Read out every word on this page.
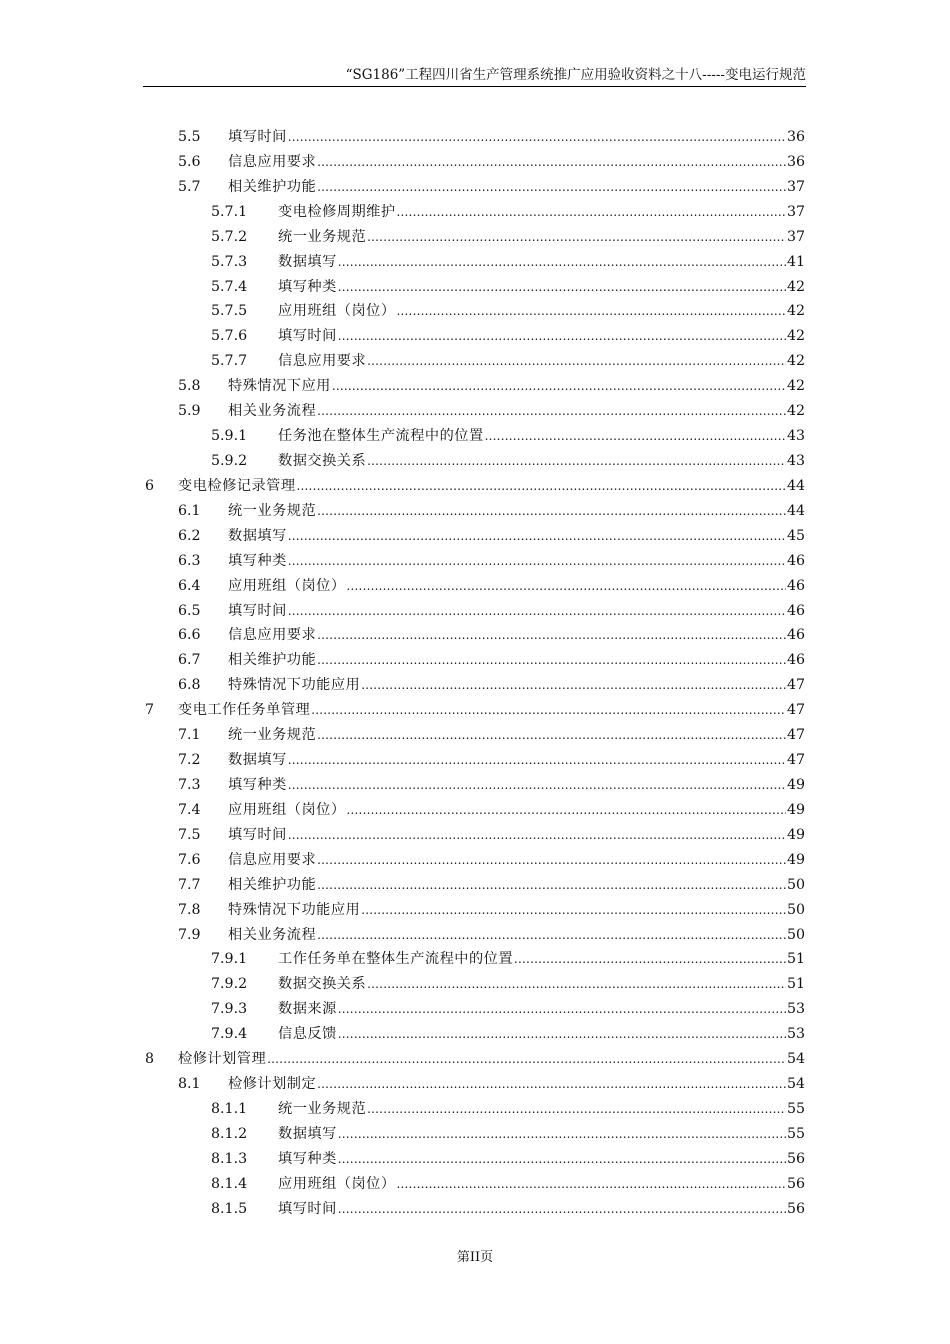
“SG186”工程四川省生产管理系统推广应用验收资料之十八-----变电运行规范
5.5 填写时间 .....	36
5.6 信息应用要求 .....	36
5.7 相关维护功能 .....	37
5.7.1 变电检修周期维护 .....	37
5.7.2 统一业务规范 .....	37
5.7.3 数据填写 .....	41
5.7.4 填写种类 .....	42
5.7.5 应用班组（岗位） .....	42
5.7.6 填写时间 .....	42
5.7.7 信息应用要求 .....	42
5.8 特殊情况下应用 .....	42
5.9 相关业务流程 .....	42
5.9.1 任务池在整体生产流程中的位置 .....	43
5.9.2 数据交换关系 .....	43
6 变电检修记录管理 .....	44
6.1 统一业务规范 .....	44
6.2 数据填写 .....	45
6.3 填写种类 .....	46
6.4 应用班组（岗位） .....	46
6.5 填写时间 .....	46
6.6 信息应用要求 .....	46
6.7 相关维护功能 .....	46
6.8 特殊情况下功能应用 .....	47
7 变电工作任务单管理 .....	47
7.1 统一业务规范 .....	47
7.2 数据填写 .....	47
7.3 填写种类 .....	49
7.4 应用班组（岗位） .....	49
7.5 填写时间 .....	49
7.6 信息应用要求 .....	49
7.7 相关维护功能 .....	50
7.8 特殊情况下功能应用 .....	50
7.9 相关业务流程 .....	50
7.9.1 工作任务单在整体生产流程中的位置 .....	51
7.9.2 数据交换关系 .....	51
7.9.3 数据来源 .....	53
7.9.4 信息反馈 .....	53
8 检修计划管理 .....	54
8.1 检修计划制定 .....	54
8.1.1 统一业务规范 .....	55
8.1.2 数据填写 .....	55
8.1.3 填写种类 .....	56
8.1.4 应用班组（岗位） .....	56
8.1.5 填写时间 .....	56
第II页
